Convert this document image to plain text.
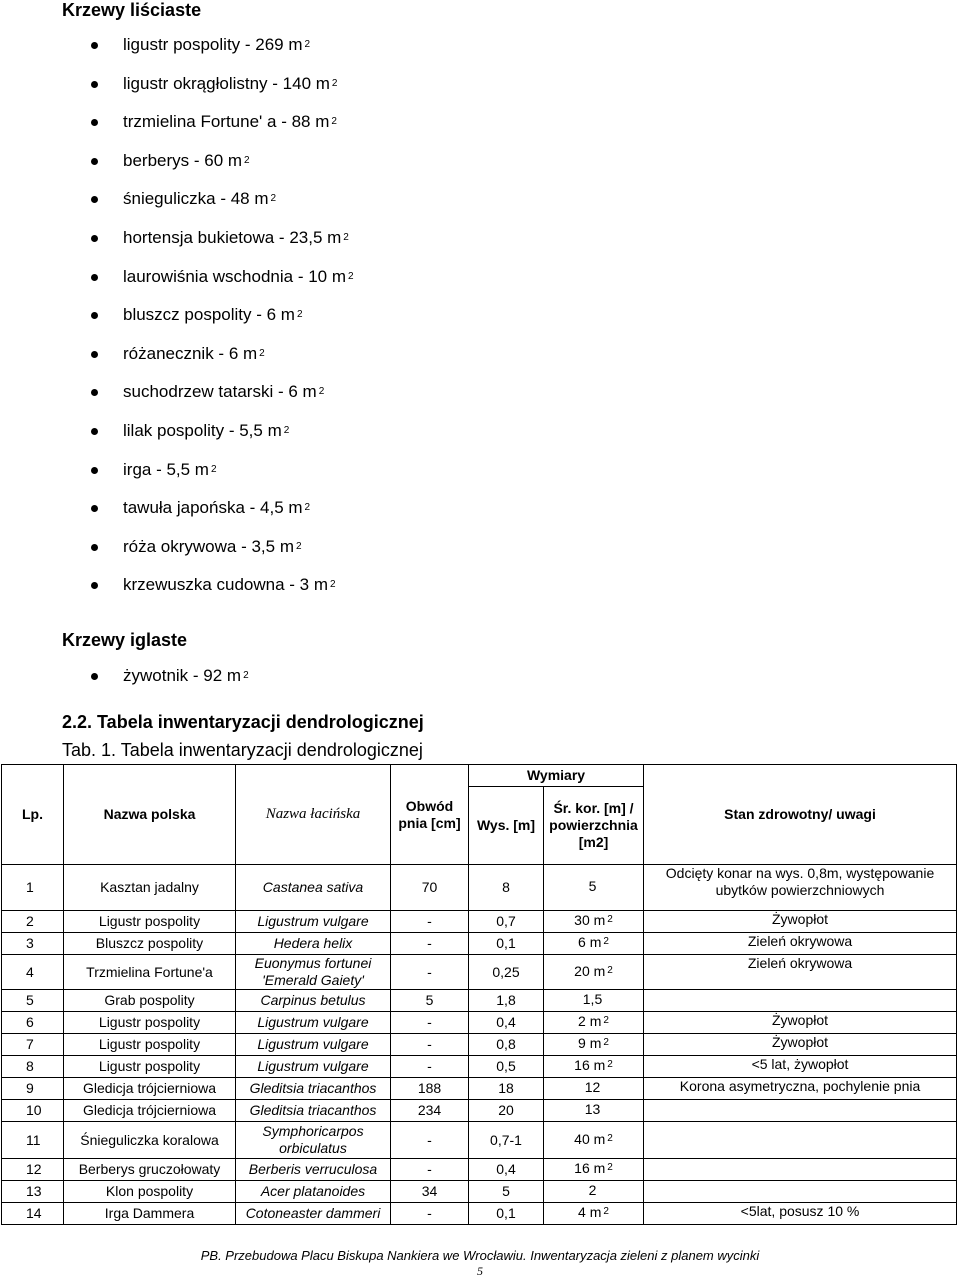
Krzewy liściaste
ligustr pospolity - 269 m $^2$
ligustr okrągłolistny - 140 m $^2$
trzmielina Fortune' a - 88 m $^2$
berberys - 60 m $^2$
śnieguliczka - 48 m $^2$
hortensja bukietowa - 23,5 m $^2$
laurowiśnia wschodnia - 10 m $^2$
bluszcz pospolity - 6 m $^2$
różanecznik - 6 m $^2$
suchodrzew tatarski - 6 m $^2$
lilak pospolity - 5,5 m $^2$
irga - 5,5 m $^2$
tawuła japońska - 4,5 m $^2$
róża okrywowa - 3,5 m $^2$
krzewuszka cudowna - 3 m $^2$
Krzewy iglaste
żywotnik - 92 m $^2$
2.2. Tabela inwentaryzacji dendrologicznej
Tab. 1. Tabela inwentaryzacji dendrologicznej
Lp.	Nazwa polska	Nazwa łacińska	Obwód pnia [cm]	Wymiary		Stan zdrowotny/ uwagi
				Wys. [m]	Śr. kor. [m] / powierzchnia [m2]	
1	Kasztan jadalny	Castanea sativa	70	8	5	Odcięty konar na wys. 0,8m, występowanie ubytków powierzchniowych
2	Ligustr pospolity	Ligustrum vulgare	-	0,7	30 m $^2$	Żywopłot
3	Bluszcz pospolity	Hedera helix	-	0,1	6 m $^2$	Zieleń okrywowa
4	Trzmielina Fortune'a	Euonymus fortunei 'Emerald Gaiety'	-	0,25	20 m $^2$	Zieleń okrywowa
5	Grab pospolity	Carpinus betulus	5	1,8	1,5	
6	Ligustr pospolity	Ligustrum vulgare	-	0,4	2 m $^2$	Żywopłot
7	Ligustr pospolity	Ligustrum vulgare	-	0,8	9 m $^2$	Żywopłot
8	Ligustr pospolity	Ligustrum vulgare	-	0,5	16 m $^2$	<5 lat, żywopłot
9	Gledicja trójcierniowa	Gleditsia triacanthos	188	18	12	Korona asymetryczna, pochylenie pnia
10	Gledicja trójcierniowa	Gleditsia triacanthos	234	20	13	
11	Śnieguliczka koralowa	Symphoricarpos orbiculatus	-	0,7-1	40 m $^2$	
12	Berberys gruczołowaty	Berberis verruculosa	-	0,4	16 m $^2$	
13	Klon pospolity	Acer platanoides	34	5	2	
14	Irga Dammera	Cotoneaster dammeri	-	0,1	4 m $^2$	<5lat, posusz 10 %
PB. Przebudowa Placu Biskupa Nankiera we Wrocławiu. Inwentaryzacja zieleni z planem wycinki
5
